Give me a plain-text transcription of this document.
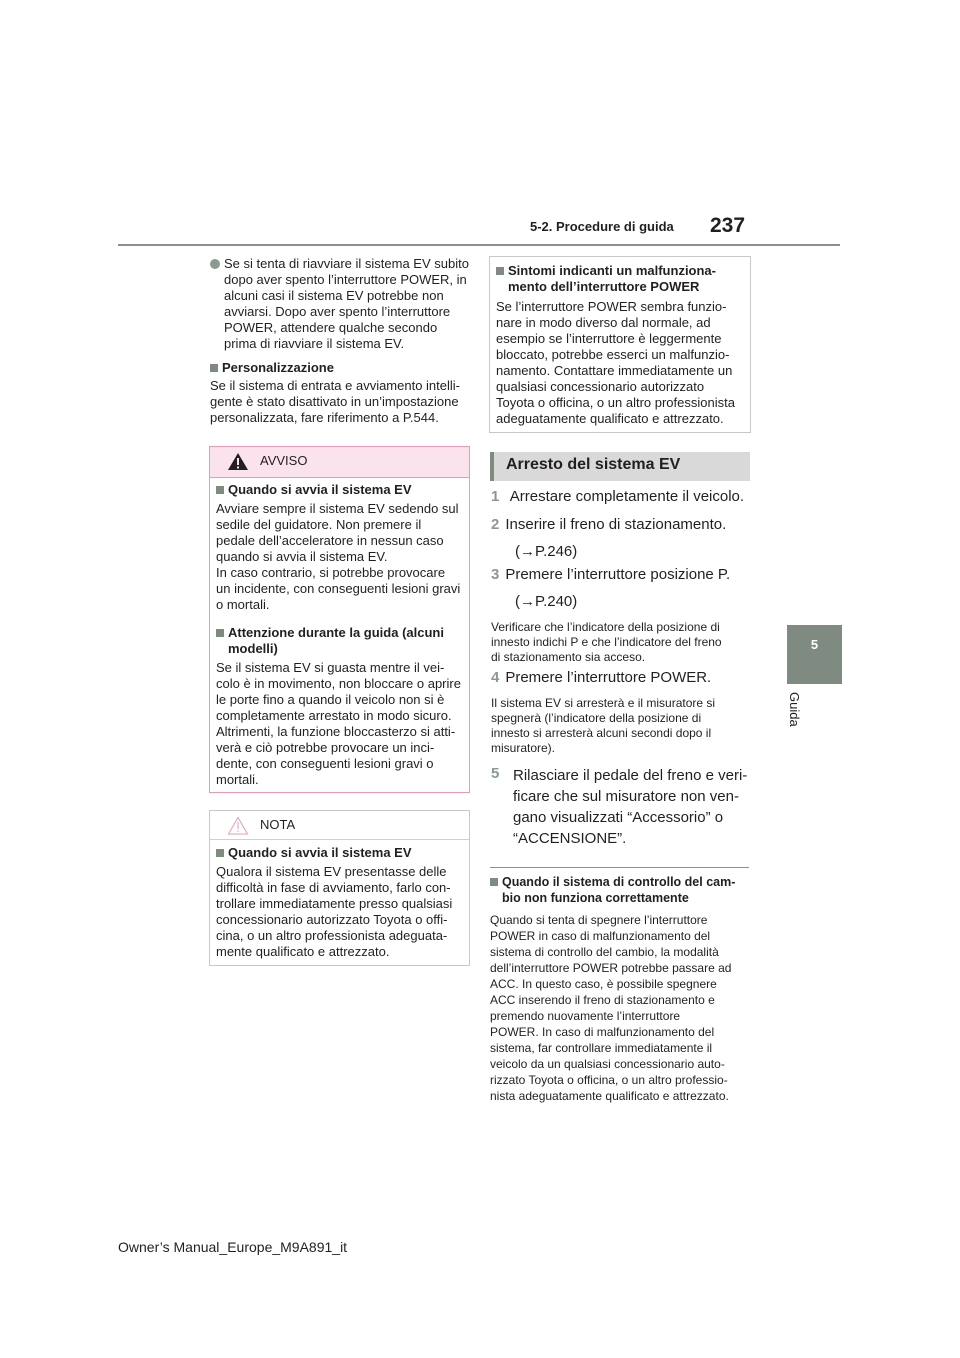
5-2. Procedure di guida 237
5
Guida
Se si tenta di riavviare il sistema EV subito
dopo aver spento l’interruttore POWER, in
alcuni casi il sistema EV potrebbe non
avviarsi. Dopo aver spento l’interruttore
POWER, attendere qualche secondo
prima di riavviare il sistema EV.
Personalizzazione
Se il sistema di entrata e avviamento intelli-
gente è stato disattivato in un’impostazione
personalizzata, fare riferimento a P.544.
AVVISO
Quando si avvia il sistema EV
Avviare sempre il sistema EV sedendo sul
sedile del guidatore. Non premere il
pedale dell’acceleratore in nessun caso
quando si avvia il sistema EV.
In caso contrario, si potrebbe provocare
un incidente, con conseguenti lesioni gravi
o mortali.
Attenzione durante la guida (alcuni
modelli)
Se il sistema EV si guasta mentre il vei-
colo è in movimento, non bloccare o aprire
le porte fino a quando il veicolo non si è
completamente arrestato in modo sicuro.
Altrimenti, la funzione bloccasterzo si atti-
verà e ciò potrebbe provocare un inci-
dente, con conseguenti lesioni gravi o
mortali.
NOTA
Quando si avvia il sistema EV
Qualora il sistema EV presentasse delle
difficoltà in fase di avviamento, farlo con-
trollare immediatamente presso qualsiasi
concessionario autorizzato Toyota o offi-
cina, o un altro professionista adeguata-
mente qualificato e attrezzato.
Sintomi indicanti un malfunziona-
mento dell’interruttore POWER
Se l’interruttore POWER sembra funzio-
nare in modo diverso dal normale, ad
esempio se l’interruttore è leggermente
bloccato, potrebbe esserci un malfunzio-
namento. Contattare immediatamente un
qualsiasi concessionario autorizzato
Toyota o officina, o un altro professionista
adeguatamente qualificato e attrezzato.
Arresto del sistema EV
1 Arrestare completamente il veicolo.
2 Inserire il freno di stazionamento.
(→P.246)
3 Premere l’interruttore posizione P.
(→P.240)
Verificare che l’indicatore della posizione di
innesto indichi P e che l’indicatore del freno
di stazionamento sia acceso.
4 Premere l’interruttore POWER.
Il sistema EV si arresterà e il misuratore si
spegnerà (l’indicatore della posizione di
innesto si arresterà alcuni secondi dopo il
misuratore).
5 Rilasciare il pedale del freno e veri-
ficare che sul misuratore non ven-
gano visualizzati “Accessorio” o
“ACCENSIONE”.
Quando il sistema di controllo del cam-
bio non funziona correttamente
Quando si tenta di spegnere l’interruttore
POWER in caso di malfunzionamento del
sistema di controllo del cambio, la modalità
dell’interruttore POWER potrebbe passare ad
ACC. In questo caso, è possibile spegnere
ACC inserendo il freno di stazionamento e
premendo nuovamente l’interruttore
POWER. In caso di malfunzionamento del
sistema, far controllare immediatamente il
veicolo da un qualsiasi concessionario auto-
rizzato Toyota o officina, o un altro professio-
nista adeguatamente qualificato e attrezzato.
Owner’s Manual_Europe_M9A891_it
